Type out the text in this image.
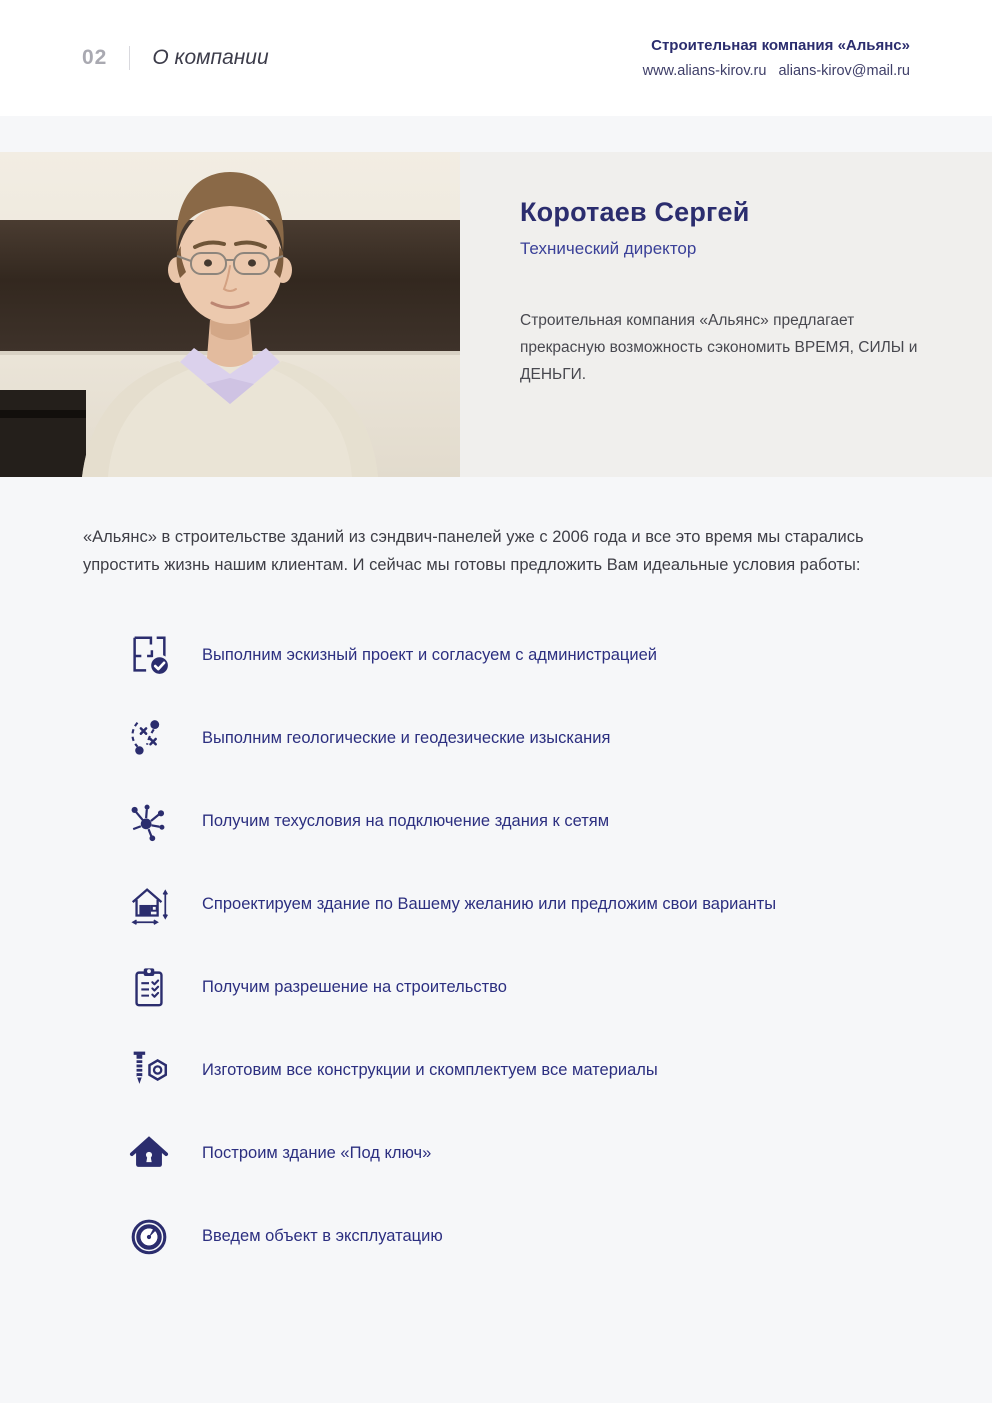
02 О компании
Строительная компания «Альянс»
www.alians-kirov.ru alians-kirov@mail.ru
Коротаев Сергей
Технический директор
Строительная компания «Альянс» предлагает прекрасную возможность сэкономить ВРЕМЯ, СИЛЫ и ДЕНЬГИ.

«Альянс» в строительстве зданий из сэндвич-панелей уже с 2006 года и все это время мы старались упростить жизнь нашим клиентам. И сейчас мы готовы предложить Вам идеальные условия работы:

Выполним эскизный проект и согласуем с администрацией
Выполним геологические и геодезические изыскания
Получим техусловия на подключение здания к сетям
Спроектируем здание по Вашему желанию или предложим свои варианты
Получим разрешение на строительство
Изготовим все конструкции и скомплектуем все материалы
Построим здание «Под ключ»
Введем объект в эксплуатацию
